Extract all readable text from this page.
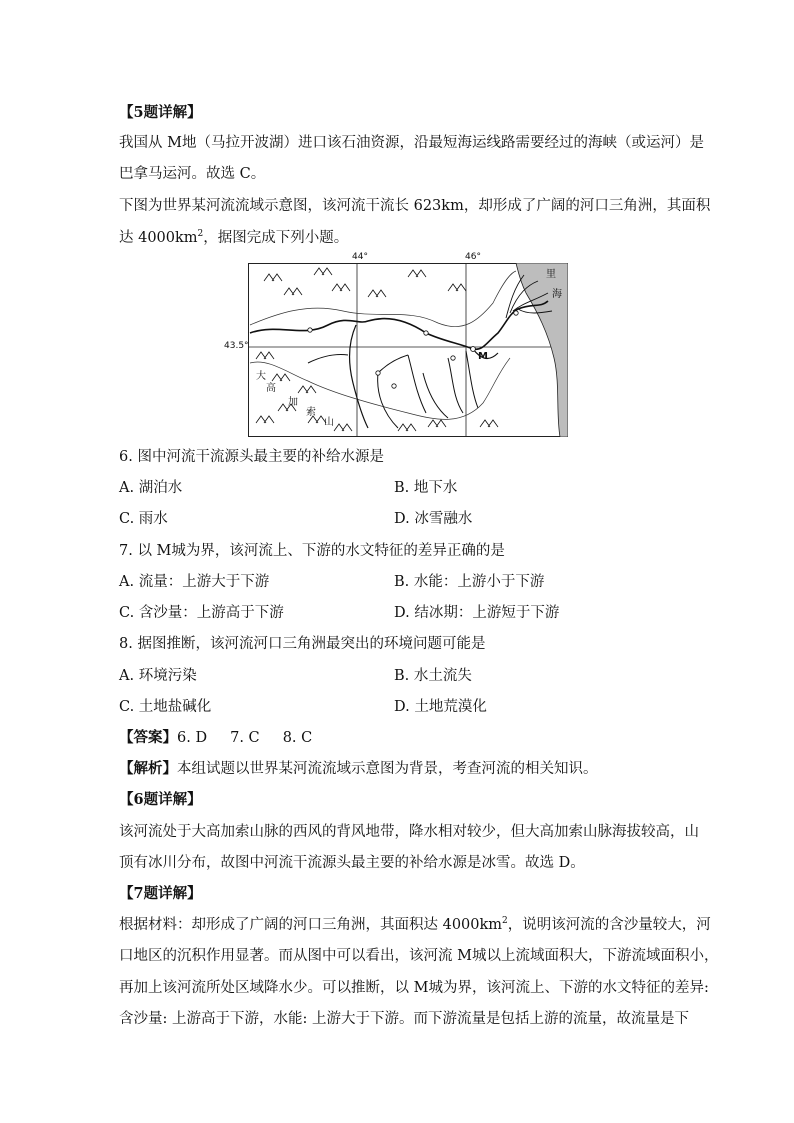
【5题详解】
我国从 M地（马拉开波湖）进口该石油资源，沿最短海运线路需要经过的海峡（或运河）是
巴拿马运河。故选 C。
下图为世界某河流流域示意图，该河流干流长 623km，却形成了广阔的河口三角洲，其面积
达 $4000km^2$，据图完成下列小题。
44°	46°
43.5°
里
海
M
大
高
加
索
山
6. 图中河流干流源头最主要的补给水源是
A. 湖泊水	B. 地下水
C. 雨水	D. 冰雪融水
7. 以 M城为界，该河流上、下游的水文特征的差异正确的是
A. 流量：上游大于下游	B. 水能：上游小于下游
C. 含沙量：上游高于下游	D. 结冰期：上游短于下游
8. 据图推断，该河流河口三角洲最突出的环境问题可能是
A. 环境污染	B. 水土流失
C. 土地盐碱化	D. 土地荒漠化
【答案】6. D     7. C     8. C
【解析】本组试题以世界某河流流域示意图为背景，考查河流的相关知识。
【6题详解】
该河流处于大高加索山脉的西风的背风地带，降水相对较少，但大高加索山脉海拔较高，山
顶有冰川分布，故图中河流干流源头最主要的补给水源是冰雪。故选 D。
【7题详解】
根据材料：却形成了广阔的河口三角洲，其面积达 $4000km^2$，说明该河流的含沙量较大，河
口地区的沉积作用显著。而从图中可以看出，该河流 M城以上流域面积大，下游流域面积小，
再加上该河流所处区域降水少。可以推断，以 M城为界，该河流上、下游的水文特征的差异:
含沙量: 上游高于下游，水能: 上游大于下游。而下游流量是包括上游的流量，故流量是下
